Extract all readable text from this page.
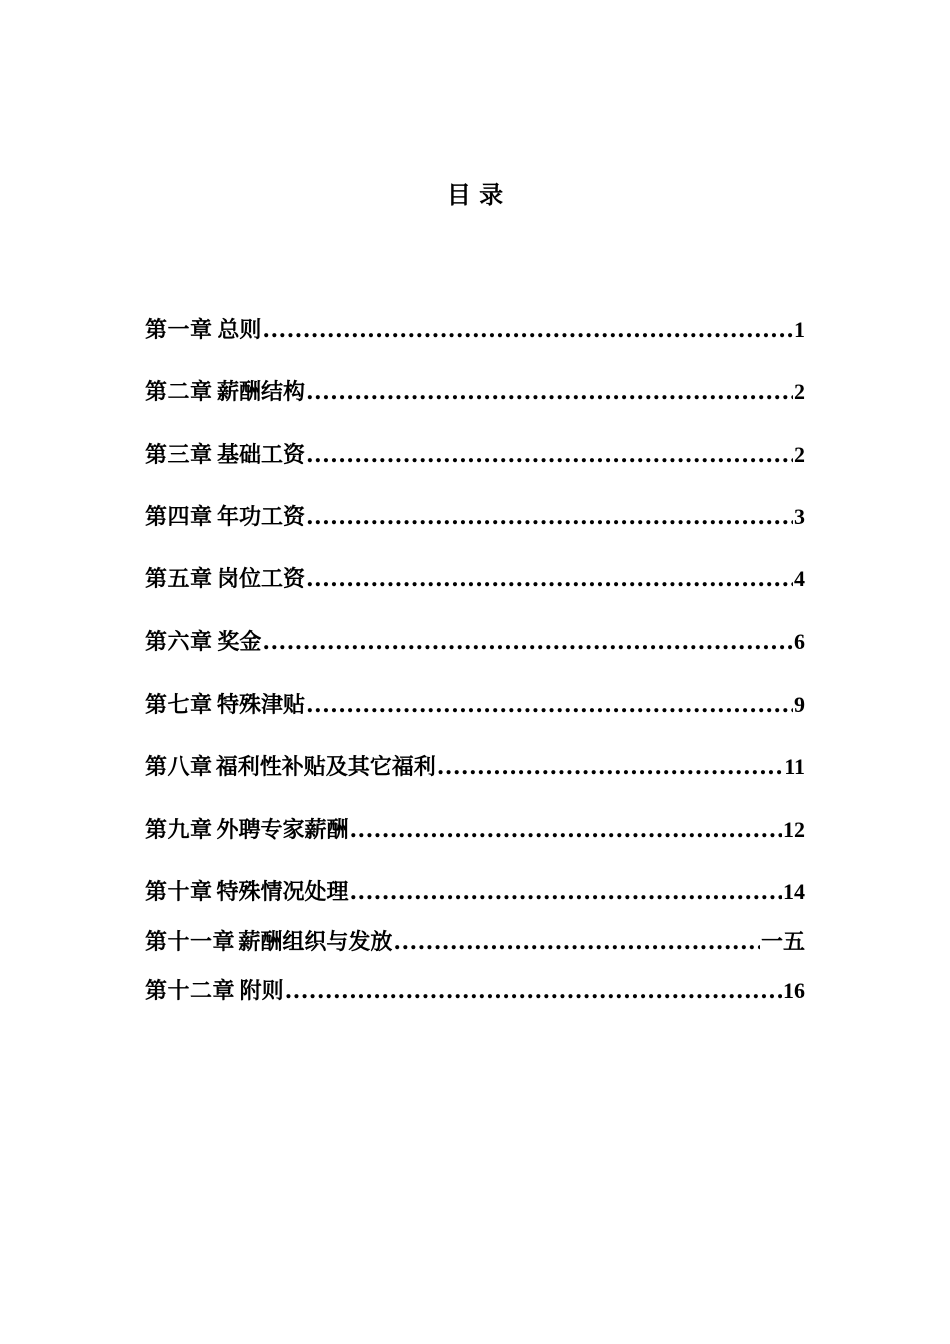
目 录
第一章 总则 .....	1
第二章 薪酬结构 .....	2
第三章 基础工资 .....	2
第四章 年功工资 .....	3
第五章 岗位工资 .....	4
第六章 奖金 .....	6
第七章 特殊津贴 .....	9
第八章 福利性补贴及其它福利 .....	11
第九章 外聘专家薪酬 .....	12
第十章 特殊情况处理 .....	14
第十一章 薪酬组织与发放 .....	一五
第十二章 附则 .....	16
